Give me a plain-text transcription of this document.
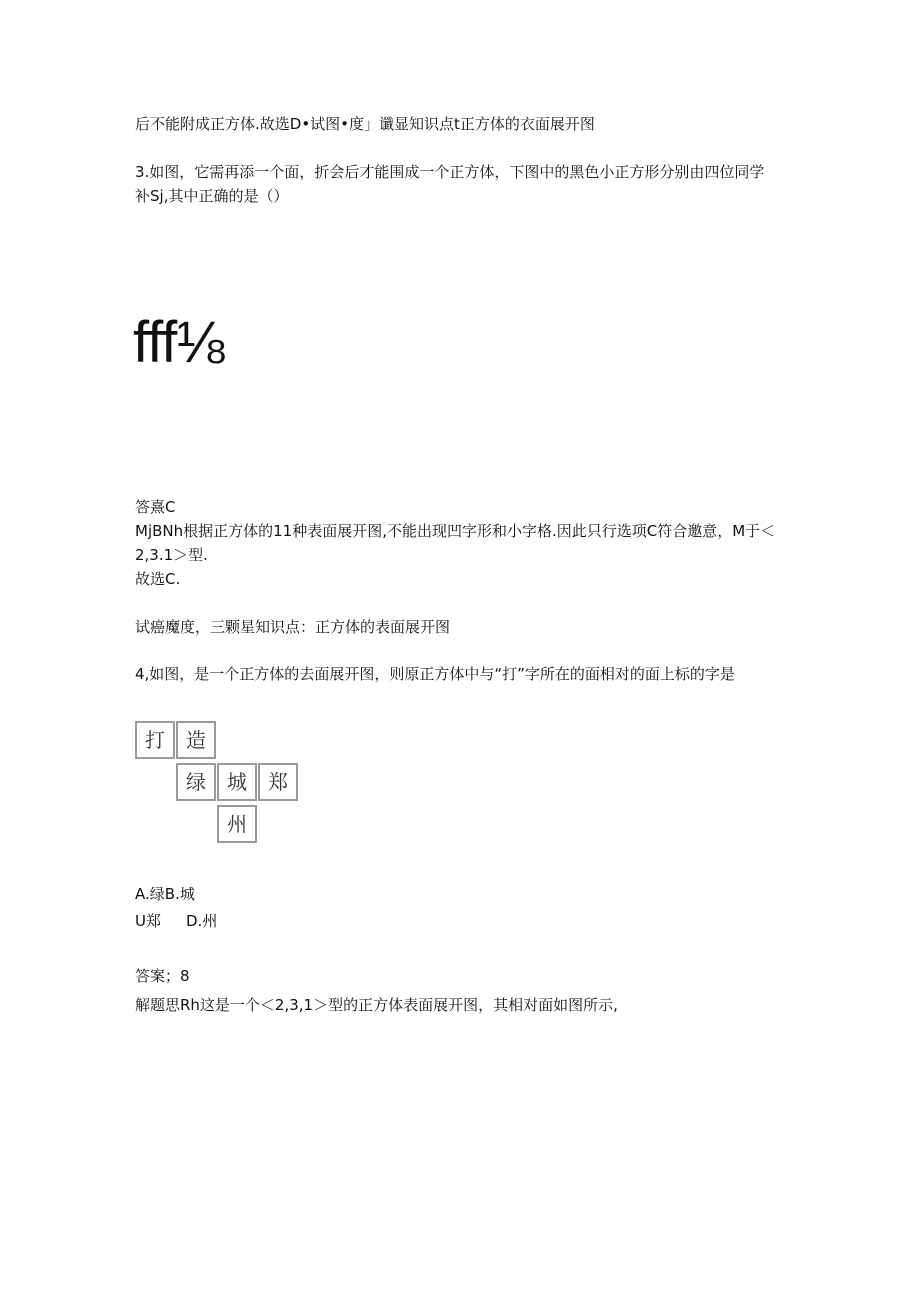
后不能附成正方体.故选D•试图•度」谶显知识点t正方体的衣面展开图
3.如图，它需再添一个面，折会后才能围成一个正方体，下图中的黑色小正方形分别由四位同学
补Sj,其中正确的是（）
fff⅛
答熹C
MjBNh根据正方体的11种表面展开图,不能出现凹字形和小字格.因此只行选项C符合邀意，M于＜
2,3.1＞型.
故选C.
试癌魔度，三颗星知识点：正方体的表面展开图
4,如图，是一个正方体的去面展开图，则原正方体中与“打”字所在的面相对的面上标的字是
打	造
绿	城	郑
州
A.绿B.城
U郑 D.州
答案；8
解题思Rh这是一个＜2,3,1＞型的正方体表面展开图，其相对面如图所示,
